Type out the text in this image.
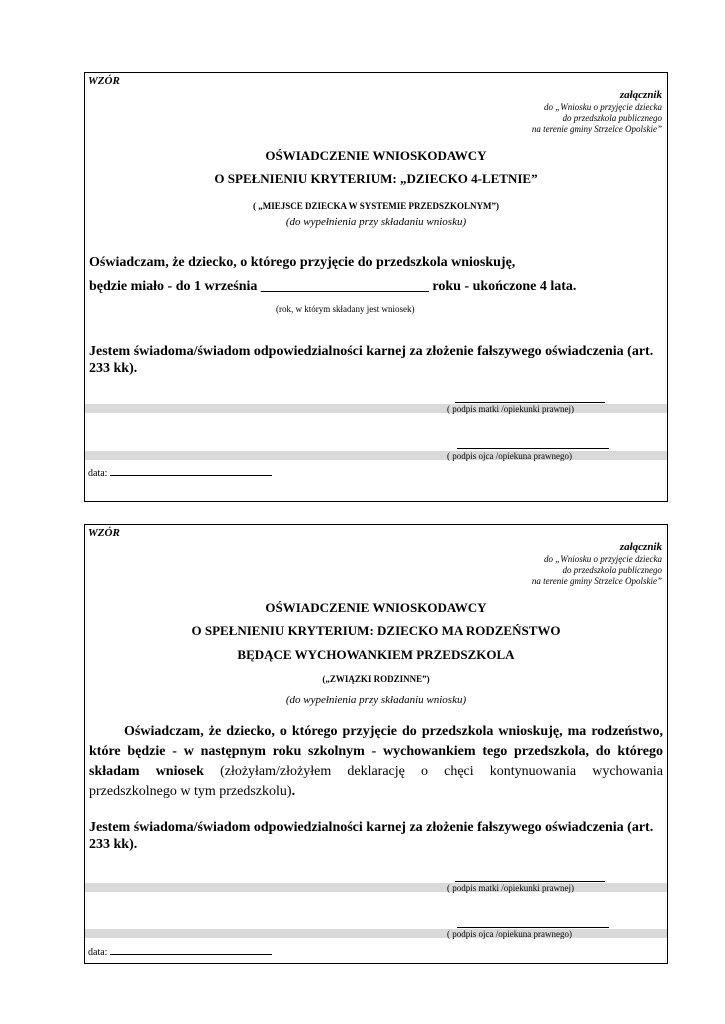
WZÓR
załącznik
do „Wniosku o przyjęcie dziecka
do przedszkola publicznego
na terenie gminy Strzelce Opolskie”
OŚWIADCZENIE WNIOSKODAWCY
O SPEŁNIENIU KRYTERIUM: „DZIECKO 4-LETNIE”
( „MIEJSCE DZIECKA W SYSTEMIE PRZEDSZKOLNYM”)
(do wypełnienia przy składaniu wniosku)
Oświadczam, że dziecko, o którego przyjęcie do przedszkola wnioskuję,
będzie miało - do 1 września ________________________ roku - ukończone 4 lata.
(rok, w którym składany jest wniosek)
Jestem świadoma/świadom odpowiedzialności karnej za złożenie fałszywego oświadczenia (art. 233 kk).
( podpis matki /opiekunki prawnej)
( podpis ojca /opiekuna prawnego)
data:
WZÓR
załącznik
do „Wniosku o przyjęcie dziecka
do przedszkola publicznego
na terenie gminy Strzelce Opolskie”
OŚWIADCZENIE WNIOSKODAWCY
O SPEŁNIENIU KRYTERIUM: DZIECKO MA RODZEŃSTWO
BĘDĄCE WYCHOWANKIEM PRZEDSZKOLA
(„ZWIĄZKI RODZINNE”)
(do wypełnienia przy składaniu wniosku)
Oświadczam, że dziecko, o którego przyjęcie do przedszkola wnioskuję, ma rodzeństwo, które będzie - w następnym roku szkolnym - wychowankiem tego przedszkola, do którego składam wniosek (złożyłam/złożyłem deklarację o chęci kontynuowania wychowania przedszkolnego w tym przedszkolu).
Jestem świadoma/świadom odpowiedzialności karnej za złożenie fałszywego oświadczenia (art. 233 kk).
( podpis matki /opiekunki prawnej)
( podpis ojca /opiekuna prawnego)
data:
